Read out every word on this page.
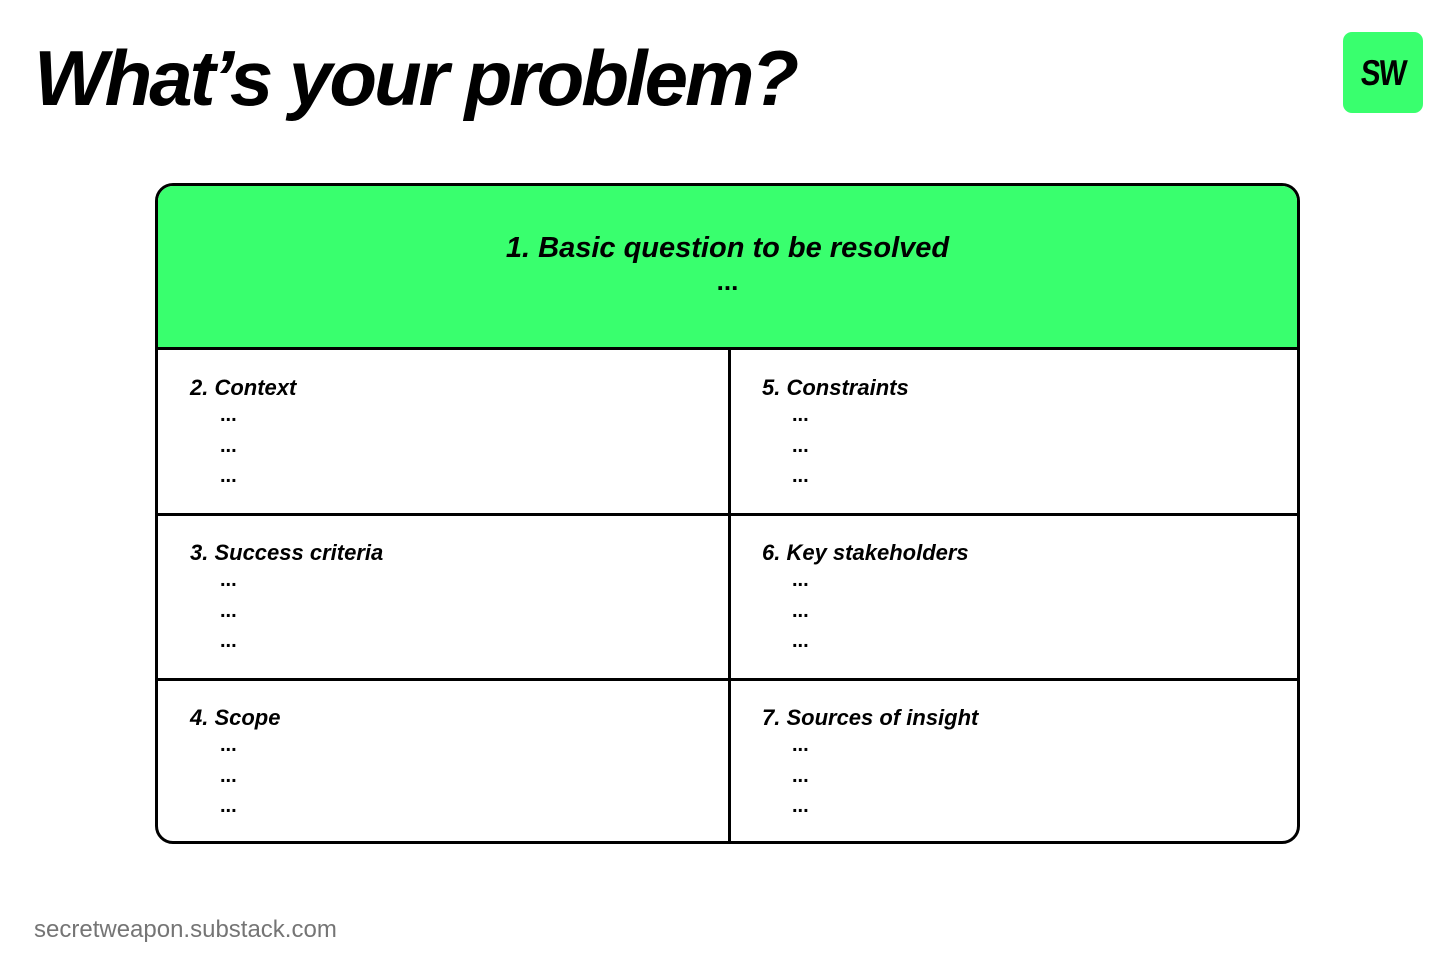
What’s your problem?	SW
1. Basic question to be resolved
...
2. Context
...
...
...
3. Success criteria
...
...
...
4. Scope
...
...
...
5. Constraints
...
...
...
6. Key stakeholders
...
...
...
7. Sources of insight
...
...
...
secretweapon.substack.com
